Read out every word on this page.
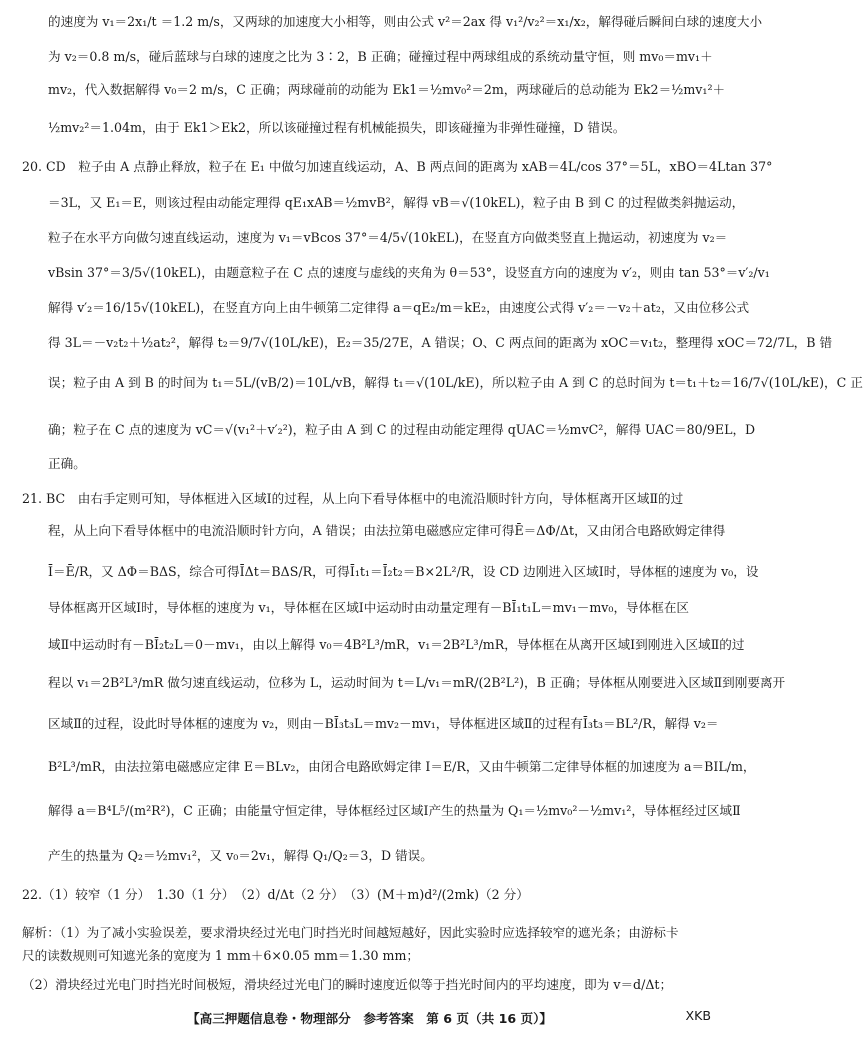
的速度为 v₁＝2x₁/t ＝1.2 m/s，又两球的加速度大小相等，则由公式 v²＝2ax 得 v₁²/v₂²＝x₁/x₂，解得碰后瞬间白球的速度大小
为 v₂＝0.8 m/s，碰后蓝球与白球的速度之比为 3∶2，B 正确；碰撞过程中两球组成的系统动量守恒，则 mv₀＝mv₁＋
mv₂，代入数据解得 v₀＝2 m/s，C 正确；两球碰前的动能为 Ek1＝½mv₀²＝2m，两球碰后的总动能为 Ek2＝½mv₁²＋
½mv₂²＝1.04m，由于 Ek1＞Ek2，所以该碰撞过程有机械能损失，即该碰撞为非弹性碰撞，D 错误。
20. CD　粒子由 A 点静止释放，粒子在 E₁ 中做匀加速直线运动，A、B 两点间的距离为 xAB＝4L/cos 37°＝5L，xBO＝4Ltan 37°
＝3L，又 E₁＝E，则该过程由动能定理得 qE₁xAB＝½mvB²，解得 vB＝√(10kEL)，粒子由 B 到 C 的过程做类斜抛运动，
粒子在水平方向做匀速直线运动，速度为 v₁＝vBcos 37°＝4/5√(10kEL)，在竖直方向做类竖直上抛运动，初速度为 v₂＝
vBsin 37°＝3/5√(10kEL)，由题意粒子在 C 点的速度与虚线的夹角为 θ＝53°，设竖直方向的速度为 v′₂，则由 tan 53°＝v′₂/v₁
解得 v′₂＝16/15√(10kEL)，在竖直方向上由牛顿第二定律得 a＝qE₂/m＝kE₂，由速度公式得 v′₂＝－v₂＋at₂，又由位移公式
得 3L＝－v₂t₂＋½at₂²，解得 t₂＝9/7√(10L/kE)，E₂＝35/27E，A 错误；O、C 两点间的距离为 xOC＝v₁t₂，整理得 xOC＝72/7L，B 错
误；粒子由 A 到 B 的时间为 t₁＝5L/(vB/2)＝10L/vB，解得 t₁＝√(10L/kE)，所以粒子由 A 到 C 的总时间为 t＝t₁＋t₂＝16/7√(10L/kE)，C 正
确；粒子在 C 点的速度为 vC＝√(v₁²＋v′₂²)，粒子由 A 到 C 的过程由动能定理得 qUAC＝½mvC²，解得 UAC＝80/9EL，D
正确。
21. BC　由右手定则可知，导体框进入区域Ⅰ的过程，从上向下看导体框中的电流沿顺时针方向，导体框离开区域Ⅱ的过
程，从上向下看导体框中的电流沿顺时针方向，A 错误；由法拉第电磁感应定律可得Ē＝ΔΦ/Δt，又由闭合电路欧姆定律得
Ī＝Ē/R，又 ΔΦ＝BΔS，综合可得ĪΔt＝BΔS/R，可得Ī₁t₁＝Ī₂t₂＝B×2L²/R，设 CD 边刚进入区域Ⅰ时，导体框的速度为 v₀，设
导体框离开区域Ⅰ时，导体框的速度为 v₁，导体框在区域Ⅰ中运动时由动量定理有－BĪ₁t₁L＝mv₁－mv₀，导体框在区
域Ⅱ中运动时有－BĪ₂t₂L＝0－mv₁，由以上解得 v₀＝4B²L³/mR，v₁＝2B²L³/mR，导体框在从离开区域Ⅰ到刚进入区域Ⅱ的过
程以 v₁＝2B²L³/mR 做匀速直线运动，位移为 L，运动时间为 t＝L/v₁＝mR/(2B²L²)，B 正确；导体框从刚要进入区域Ⅱ到刚要离开
区域Ⅱ的过程，设此时导体框的速度为 v₂，则由－BĪ₃t₃L＝mv₂－mv₁，导体框进区域Ⅱ的过程有Ī₃t₃＝BL²/R，解得 v₂＝
B²L³/mR，由法拉第电磁感应定律 E＝BLv₂，由闭合电路欧姆定律 I＝E/R，又由牛顿第二定律导体框的加速度为 a＝BIL/m，
解得 a＝B⁴L⁵/(m²R²)，C 正确；由能量守恒定律，导体框经过区域Ⅰ产生的热量为 Q₁＝½mv₀²－½mv₁²，导体框经过区域Ⅱ
产生的热量为 Q₂＝½mv₁²，又 v₀＝2v₁，解得 Q₁/Q₂＝3，D 错误。
22.（1）较窄（1 分）　1.30（1 分）　（2）d/Δt（2 分）　（3）(M＋m)d²/(2mk)（2 分）
解析：（1）为了减小实验误差，要求滑块经过光电门时挡光时间越短越好，因此实验时应选择较窄的遮光条；由游标卡
尺的读数规则可知遮光条的宽度为 1 mm＋6×0.05 mm＝1.30 mm；
（2）滑块经过光电门时挡光时间极短，滑块经过光电门的瞬时速度近似等于挡光时间内的平均速度，即为 v＝d/Δt；
【高三押题信息卷・物理部分　参考答案　第 6 页（共 16 页）】	XKB
